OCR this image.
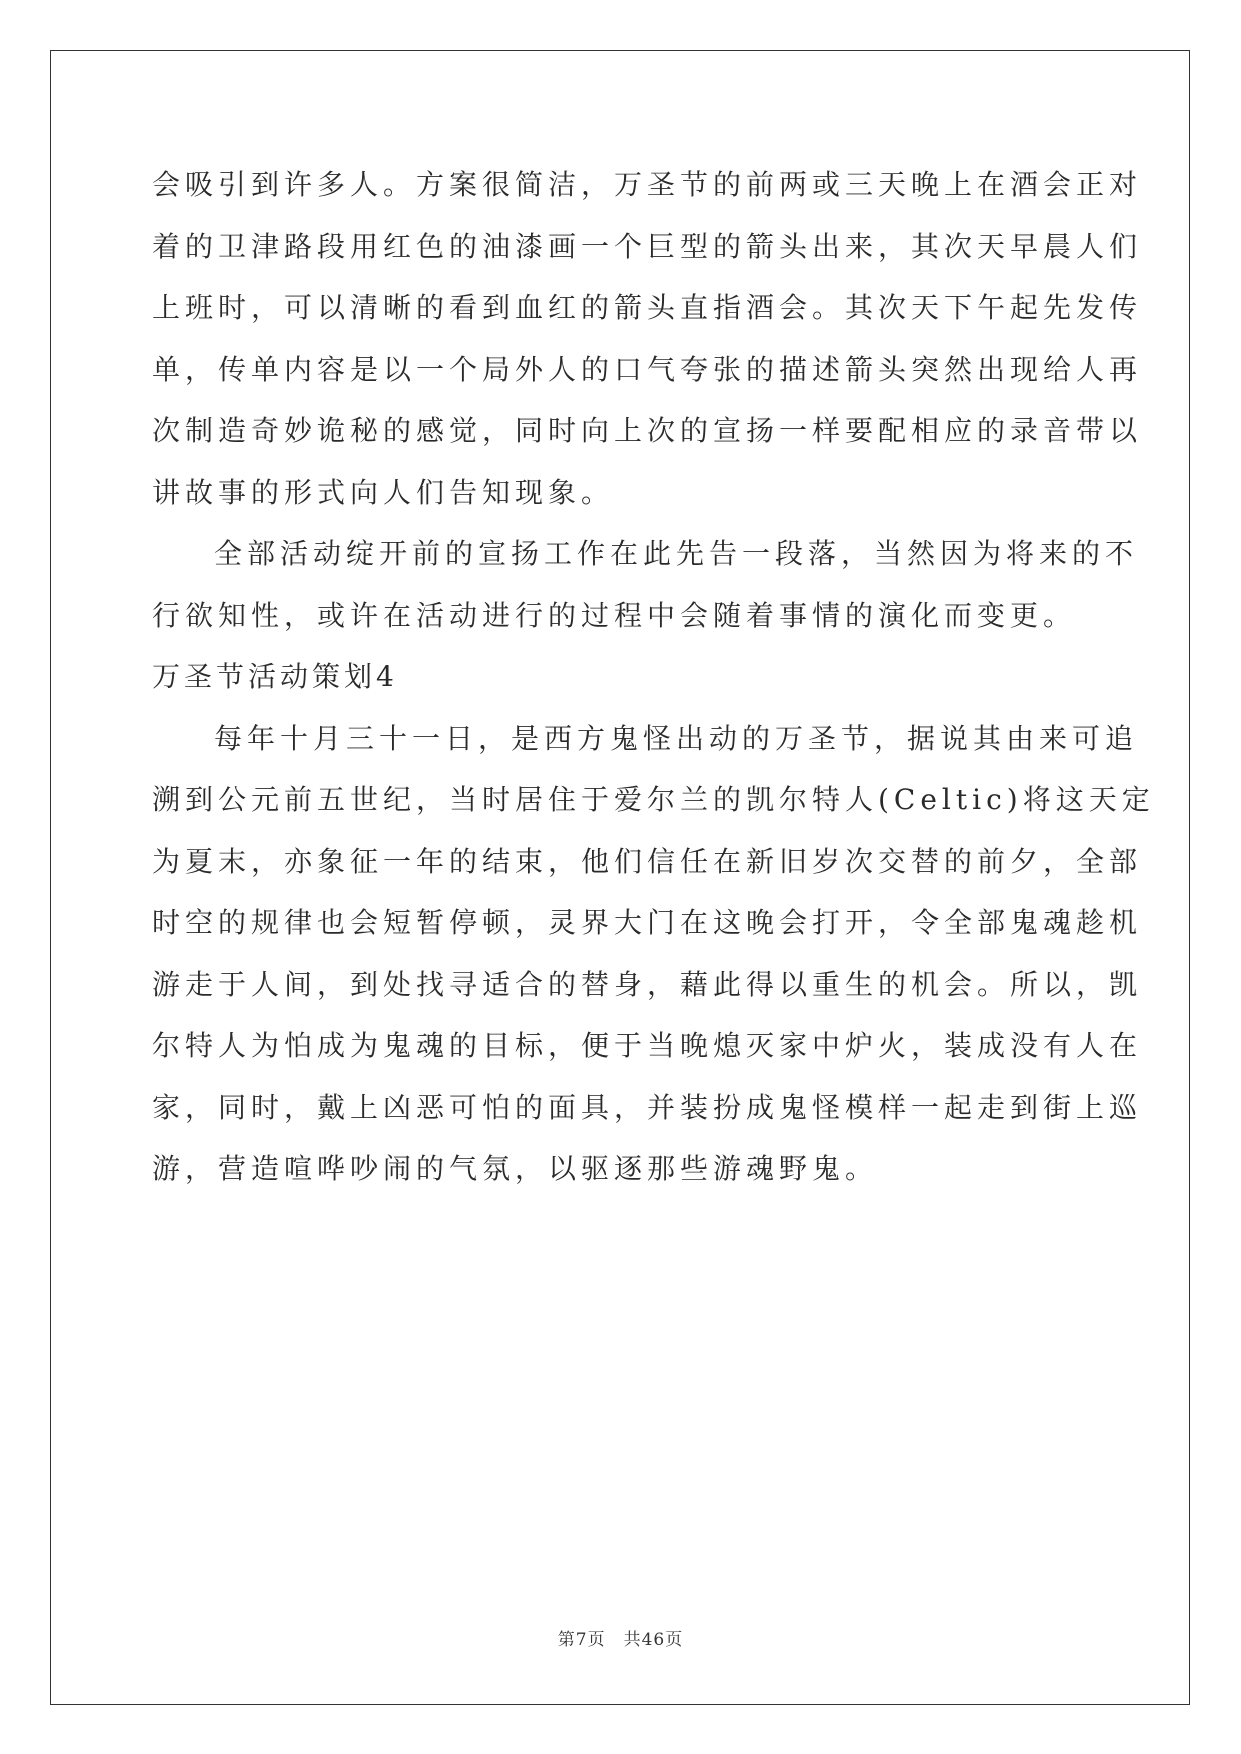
会吸引到许多人。方案很简洁，万圣节的前两或三天晚上在酒会正对
着的卫津路段用红色的油漆画一个巨型的箭头出来，其次天早晨人们
上班时，可以清晰的看到血红的箭头直指酒会。其次天下午起先发传
单，传单内容是以一个局外人的口气夸张的描述箭头突然出现给人再
次制造奇妙诡秘的感觉，同时向上次的宣扬一样要配相应的录音带以
讲故事的形式向人们告知现象。
全部活动绽开前的宣扬工作在此先告一段落，当然因为将来的不
行欲知性，或许在活动进行的过程中会随着事情的演化而变更。
万圣节活动策划4
每年十月三十一日，是西方鬼怪出动的万圣节，据说其由来可追
溯到公元前五世纪，当时居住于爱尔兰的凯尔特人(Celtic)将这天定
为夏末，亦象征一年的结束，他们信任在新旧岁次交替的前夕，全部
时空的规律也会短暂停顿，灵界大门在这晚会打开，令全部鬼魂趁机
游走于人间，到处找寻适合的替身，藉此得以重生的机会。所以，凯
尔特人为怕成为鬼魂的目标，便于当晚熄灭家中炉火，装成没有人在
家，同时，戴上凶恶可怕的面具，并装扮成鬼怪模样一起走到街上巡
游，营造喧哗吵闹的气氛，以驱逐那些游魂野鬼。
第7页　共46页
